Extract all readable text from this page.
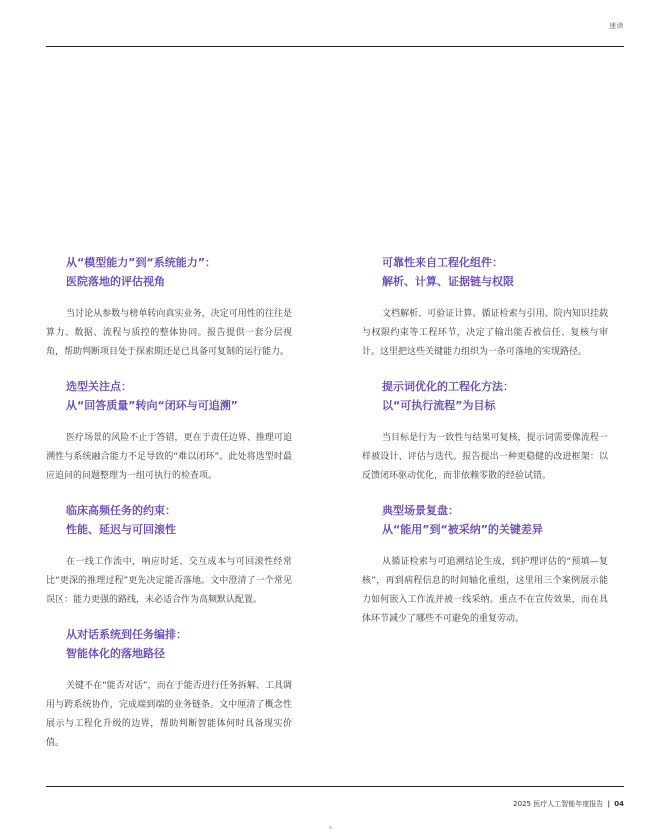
速读
从“模型能力”到“系统能力”：
医院落地的评估视角

当讨论从参数与榜单转向真实业务，决定可用性的往往是算力、数据、流程与质控的整体协同。报告提供一套分层视角，帮助判断项目处于探索期还是已具备可复制的运行能力。

选型关注点：
从“回答质量”转向“闭环与可追溯”

医疗场景的风险不止于答错，更在于责任边界、推理可追溯性与系统融合能力不足导致的“难以闭环”。此处将选型时最应追问的问题整理为一组可执行的检查项。

临床高频任务的约束：
性能、延迟与可回滚性

在一线工作流中，响应时延、交互成本与可回滚性经常比“更深的推理过程”更先决定能否落地。文中澄清了一个常见误区：能力更强的路线，未必适合作为高频默认配置。

从对话系统到任务编排：
智能体化的落地路径

关键不在“能否对话”，而在于能否进行任务拆解、工具调用与跨系统协作，完成端到端的业务链条。文中厘清了概念性展示与工程化升级的边界，帮助判断智能体何时具备现实价值。

可靠性来自工程化组件：
解析、计算、证据链与权限

文档解析、可验证计算、循证检索与引用、院内知识挂载与权限约束等工程环节，决定了输出能否被信任、复核与审计。这里把这些关键能力组织为一条可落地的实现路径。

提示词优化的工程化方法：
以“可执行流程”为目标

当目标是行为一致性与结果可复核，提示词需要像流程一样被设计、评估与迭代。报告提出一种更稳健的改进框架：以反馈闭环驱动优化，而非依赖零散的经验试错。

典型场景复盘：
从“能用”到“被采纳”的关键差异

从循证检索与可追溯结论生成，到护理评估的“预填—复核”，再到病程信息的时间轴化重组，这里用三个案例展示能力如何嵌入工作流并被一线采纳。重点不在宣传效果，而在具体环节减少了哪些不可避免的重复劳动。

2025 医疗人工智能年度报告 | 04
